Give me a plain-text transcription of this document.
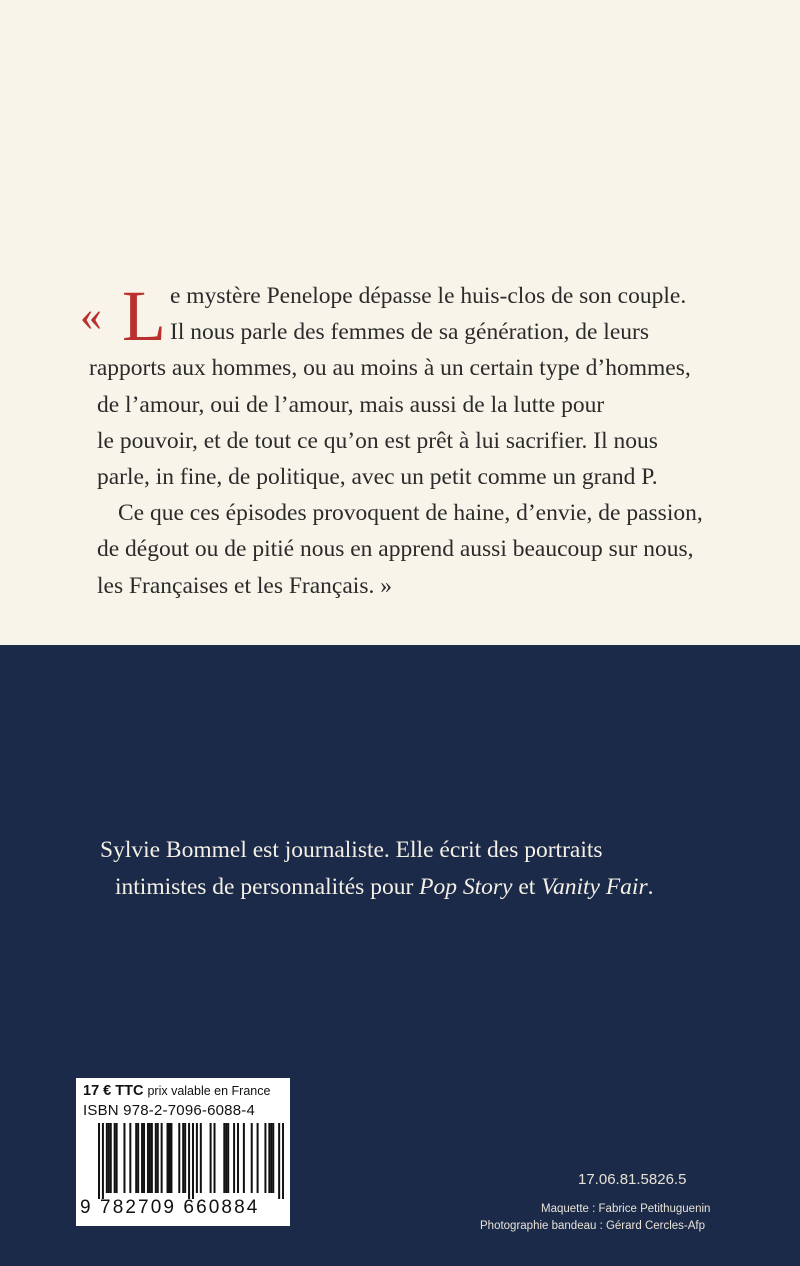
« L e mystère Penelope dépasse le huis-clos de son couple.
Il nous parle des femmes de sa génération, de leurs
rapports aux hommes, ou au moins à un certain type d’hommes,
de l’amour, oui de l’amour, mais aussi de la lutte pour
le pouvoir, et de tout ce qu’on est prêt à lui sacrifier. Il nous
parle, in fine, de politique, avec un petit comme un grand P.
Ce que ces épisodes provoquent de haine, d’envie, de passion,
de dégout ou de pitié nous en apprend aussi beaucoup sur nous,
les Françaises et les Français. »
Sylvie Bommel est journaliste. Elle écrit des portraits
intimistes de personnalités pour Pop Story et Vanity Fair.
17 € TTC prix valable en France
ISBN 978-2-7096-6088-4
9 782709 660884
17.06.81.5826.5
Maquette : Fabrice Petithuguenin
Photographie bandeau : Gérard Cercles-Afp
